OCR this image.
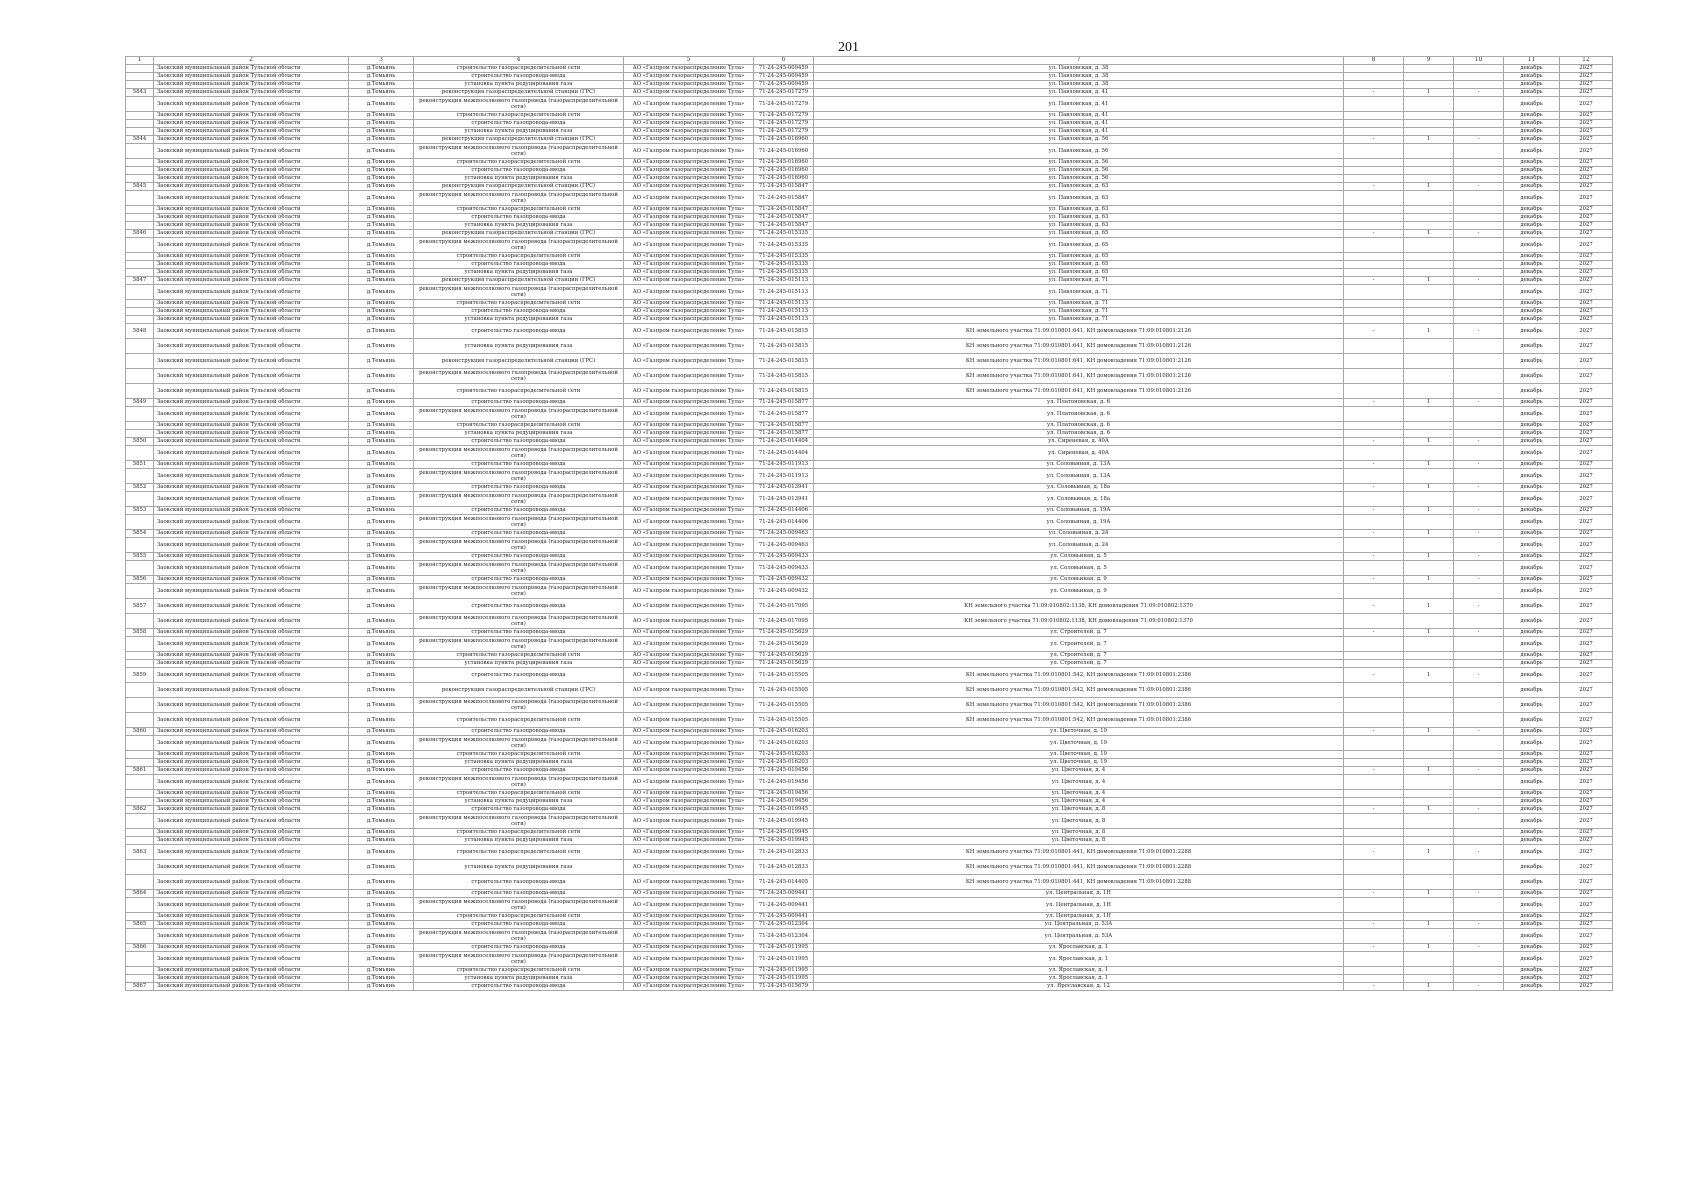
201
1	2	3	4	5	6	7	8	9	10	11	12
	Заокский муниципальный район Тульской области	д.Темьянь	строительство газораспределительной сети	АО «Газпром газораспределение Тула»	71-24-245-009459	ул. Павловская, д. 38				декабрь	2027
	Заокский муниципальный район Тульской области	д.Темьянь	строительство газопровода-ввода	АО «Газпром газораспределение Тула»	71-24-245-009459	ул. Павловская, д. 38				декабрь	2027
	Заокский муниципальный район Тульской области	д.Темьянь	установка пункта редуцирования газа	АО «Газпром газораспределение Тула»	71-24-245-009459	ул. Павловская, д. 38				декабрь	2027
5843	Заокский муниципальный район Тульской области	д.Темьянь	реконструкция газораспределительной станции (ГРС)	АО «Газпром газораспределение Тула»	71-24-245-017279	ул. Павловская, д. 41	-	1	-	декабрь	2027
	Заокский муниципальный район Тульской области	д.Темьянь	реконструкция межпоселкового газопровода (газораспределительной сети)	АО «Газпром газораспределение Тула»	71-24-245-017279	ул. Павловская, д. 41				декабрь	2027
	Заокский муниципальный район Тульской области	д.Темьянь	строительство газораспределительной сети	АО «Газпром газораспределение Тула»	71-24-245-017279	ул. Павловская, д. 41				декабрь	2027
	Заокский муниципальный район Тульской области	д.Темьянь	строительство газопровода-ввода	АО «Газпром газораспределение Тула»	71-24-245-017279	ул. Павловская, д. 41				декабрь	2027
	Заокский муниципальный район Тульской области	д.Темьянь	установка пункта редуцирования газа	АО «Газпром газораспределение Тула»	71-24-245-017279	ул. Павловская, д. 41				декабрь	2027
5844	Заокский муниципальный район Тульской области	д.Темьянь	реконструкция газораспределительной станции (ГРС)	АО «Газпром газораспределение Тула»	71-24-245-016960	ул. Павловская, д. 56	-	1	-	декабрь	2027
	Заокский муниципальный район Тульской области	д.Темьянь	реконструкция межпоселкового газопровода (газораспределительной сети)	АО «Газпром газораспределение Тула»	71-24-245-016960	ул. Павловская, д. 56				декабрь	2027
	Заокский муниципальный район Тульской области	д.Темьянь	строительство газораспределительной сети	АО «Газпром газораспределение Тула»	71-24-245-016960	ул. Павловская, д. 56				декабрь	2027
	Заокский муниципальный район Тульской области	д.Темьянь	строительство газопровода-ввода	АО «Газпром газораспределение Тула»	71-24-245-016960	ул. Павловская, д. 56				декабрь	2027
	Заокский муниципальный район Тульской области	д.Темьянь	установка пункта редуцирования газа	АО «Газпром газораспределение Тула»	71-24-245-016960	ул. Павловская, д. 56				декабрь	2027
5845	Заокский муниципальный район Тульской области	д.Темьянь	реконструкция газораспределительной станции (ГРС)	АО «Газпром газораспределение Тула»	71-24-245-015847	ул. Павловская, д. 63	-	1	-	декабрь	2027
	Заокский муниципальный район Тульской области	д.Темьянь	реконструкция межпоселкового газопровода (газораспределительной сети)	АО «Газпром газораспределение Тула»	71-24-245-015847	ул. Павловская, д. 63				декабрь	2027
	Заокский муниципальный район Тульской области	д.Темьянь	строительство газораспределительной сети	АО «Газпром газораспределение Тула»	71-24-245-015847	ул. Павловская, д. 63				декабрь	2027
	Заокский муниципальный район Тульской области	д.Темьянь	строительство газопровода-ввода	АО «Газпром газораспределение Тула»	71-24-245-015847	ул. Павловская, д. 63				декабрь	2027
	Заокский муниципальный район Тульской области	д.Темьянь	установка пункта редуцирования газа	АО «Газпром газораспределение Тула»	71-24-245-015847	ул. Павловская, д. 63				декабрь	2027
5846	Заокский муниципальный район Тульской области	д.Темьянь	реконструкция газораспределительной станции (ГРС)	АО «Газпром газораспределение Тула»	71-24-245-015335	ул. Павловская, д. 65	-	1	-	декабрь	2027
	Заокский муниципальный район Тульской области	д.Темьянь	реконструкция межпоселкового газопровода (газораспределительной сети)	АО «Газпром газораспределение Тула»	71-24-245-015335	ул. Павловская, д. 65				декабрь	2027
	Заокский муниципальный район Тульской области	д.Темьянь	строительство газораспределительной сети	АО «Газпром газораспределение Тула»	71-24-245-015335	ул. Павловская, д. 65				декабрь	2027
	Заокский муниципальный район Тульской области	д.Темьянь	строительство газопровода-ввода	АО «Газпром газораспределение Тула»	71-24-245-015335	ул. Павловская, д. 65				декабрь	2027
	Заокский муниципальный район Тульской области	д.Темьянь	установка пункта редуцирования газа	АО «Газпром газораспределение Тула»	71-24-245-015335	ул. Павловская, д. 65				декабрь	2027
5847	Заокский муниципальный район Тульской области	д.Темьянь	реконструкция газораспределительной станции (ГРС)	АО «Газпром газораспределение Тула»	71-24-245-015113	ул. Павловская, д. 71	-	1	-	декабрь	2027
	Заокский муниципальный район Тульской области	д.Темьянь	реконструкция межпоселкового газопровода (газораспределительной сети)	АО «Газпром газораспределение Тула»	71-24-245-015113	ул. Павловская, д. 71				декабрь	2027
	Заокский муниципальный район Тульской области	д.Темьянь	строительство газораспределительной сети	АО «Газпром газораспределение Тула»	71-24-245-015113	ул. Павловская, д. 71				декабрь	2027
	Заокский муниципальный район Тульской области	д.Темьянь	строительство газопровода-ввода	АО «Газпром газораспределение Тула»	71-24-245-015113	ул. Павловская, д. 71				декабрь	2027
	Заокский муниципальный район Тульской области	д.Темьянь	установка пункта редуцирования газа	АО «Газпром газораспределение Тула»	71-24-245-015113	ул. Павловская, д. 71				декабрь	2027
5848	Заокский муниципальный район Тульской области	д.Темьянь	строительство газопровода-ввода	АО «Газпром газораспределение Тула»	71-24-245-015815	КН земельного участка 71:09:010801:641, КН домовладения 71:09:010801:2126	-	1	-	декабрь	2027
	Заокский муниципальный район Тульской области	д.Темьянь	установка пункта редуцирования газа	АО «Газпром газораспределение Тула»	71-24-245-015815	КН земельного участка 71:09:010801:641, КН домовладения 71:09:010801:2126				декабрь	2027
	Заокский муниципальный район Тульской области	д.Темьянь	реконструкция газораспределительной станции (ГРС)	АО «Газпром газораспределение Тула»	71-24-245-015815	КН земельного участка 71:09:010801:641, КН домовладения 71:09:010801:2126				декабрь	2027
	Заокский муниципальный район Тульской области	д.Темьянь	реконструкция межпоселкового газопровода (газораспределительной сети)	АО «Газпром газораспределение Тула»	71-24-245-015815	КН земельного участка 71:09:010801:641, КН домовладения 71:09:010801:2126				декабрь	2027
	Заокский муниципальный район Тульской области	д.Темьянь	строительство газораспределительной сети	АО «Газпром газораспределение Тула»	71-24-245-015815	КН земельного участка 71:09:010801:641, КН домовладения 71:09:010801:2126				декабрь	2027
5849	Заокский муниципальный район Тульской области	д.Темьянь	строительство газопровода-ввода	АО «Газпром газораспределение Тула»	71-24-245-015877	ул. Платоновская, д. 6	-	1	-	декабрь	2027
	Заокский муниципальный район Тульской области	д.Темьянь	реконструкция межпоселкового газопровода (газораспределительной сети)	АО «Газпром газораспределение Тула»	71-24-245-015877	ул. Платоновская, д. 6				декабрь	2027
	Заокский муниципальный район Тульской области	д.Темьянь	строительство газораспределительной сети	АО «Газпром газораспределение Тула»	71-24-245-015877	ул. Платоновская, д. 6				декабрь	2027
	Заокский муниципальный район Тульской области	д.Темьянь	установка пункта редуцирования газа	АО «Газпром газораспределение Тула»	71-24-245-015877	ул. Платоновская, д. 6				декабрь	2027
5850	Заокский муниципальный район Тульской области	д.Темьянь	строительство газопровода-ввода	АО «Газпром газораспределение Тула»	71-24-245-014404	ул. Сиреневая, д. 40А	-	1	-	декабрь	2027
	Заокский муниципальный район Тульской области	д.Темьянь	реконструкция межпоселкового газопровода (газораспределительной сети)	АО «Газпром газораспределение Тула»	71-24-245-014404	ул. Сиреневая, д. 40А				декабрь	2027
5851	Заокский муниципальный район Тульской области	д.Темьянь	строительство газопровода-ввода	АО «Газпром газораспределение Тула»	71-24-245-011913	ул. Соловьиная, д. 13А	-	1	-	декабрь	2027
	Заокский муниципальный район Тульской области	д.Темьянь	реконструкция межпоселкового газопровода (газораспределительной сети)	АО «Газпром газораспределение Тула»	71-24-245-011913	ул. Соловьиная, д. 13А				декабрь	2027
5852	Заокский муниципальный район Тульской области	д.Темьянь	строительство газопровода-ввода	АО «Газпром газораспределение Тула»	71-24-245-013941	ул. Соловьиная, д. 18а	-	1	-	декабрь	2027
	Заокский муниципальный район Тульской области	д.Темьянь	реконструкция межпоселкового газопровода (газораспределительной сети)	АО «Газпром газораспределение Тула»	71-24-245-013941	ул. Соловьиная, д. 18а				декабрь	2027
5853	Заокский муниципальный район Тульской области	д.Темьянь	строительство газопровода-ввода	АО «Газпром газораспределение Тула»	71-24-245-014406	ул. Соловьиная, д. 19А	-	1	-	декабрь	2027
	Заокский муниципальный район Тульской области	д.Темьянь	реконструкция межпоселкового газопровода (газораспределительной сети)	АО «Газпром газораспределение Тула»	71-24-245-014406	ул. Соловьиная, д. 19А				декабрь	2027
5854	Заокский муниципальный район Тульской области	д.Темьянь	строительство газопровода-ввода	АО «Газпром газораспределение Тула»	71-24-245-009463	ул. Соловьиная, д. 24	-	1	-	декабрь	2027
	Заокский муниципальный район Тульской области	д.Темьянь	реконструкция межпоселкового газопровода (газораспределительной сети)	АО «Газпром газораспределение Тула»	71-24-245-009463	ул. Соловьиная, д. 24				декабрь	2027
5855	Заокский муниципальный район Тульской области	д.Темьянь	строительство газопровода-ввода	АО «Газпром газораспределение Тула»	71-24-245-009433	ул. Соловьиная, д. 5	-	1	-	декабрь	2027
	Заокский муниципальный район Тульской области	д.Темьянь	реконструкция межпоселкового газопровода (газораспределительной сети)	АО «Газпром газораспределение Тула»	71-24-245-009433	ул. Соловьиная, д. 5				декабрь	2027
5856	Заокский муниципальный район Тульской области	д.Темьянь	строительство газопровода-ввода	АО «Газпром газораспределение Тула»	71-24-245-009432	ул. Соловьиная, д. 9	-	1	-	декабрь	2027
	Заокский муниципальный район Тульской области	д.Темьянь	реконструкция межпоселкового газопровода (газораспределительной сети)	АО «Газпром газораспределение Тула»	71-24-245-009432	ул. Соловьиная, д. 9				декабрь	2027
5857	Заокский муниципальный район Тульской области	д.Темьянь	строительство газопровода-ввода	АО «Газпром газораспределение Тула»	71-24-245-017095	КН земельного участка 71:09:010802:1138, КН домовладения 71:09:010802:1370	-	1	-	декабрь	2027
	Заокский муниципальный район Тульской области	д.Темьянь	реконструкция межпоселкового газопровода (газораспределительной сети)	АО «Газпром газораспределение Тула»	71-24-245-017095	КН земельного участка 71:09:010802:1138, КН домовладения 71:09:010802:1370				декабрь	2027
5858	Заокский муниципальный район Тульской области	д.Темьянь	строительство газопровода-ввода	АО «Газпром газораспределение Тула»	71-24-245-015629	ул. Строителей, д. 7	-	1	-	декабрь	2027
	Заокский муниципальный район Тульской области	д.Темьянь	реконструкция межпоселкового газопровода (газораспределительной сети)	АО «Газпром газораспределение Тула»	71-24-245-015629	ул. Строителей, д. 7				декабрь	2027
	Заокский муниципальный район Тульской области	д.Темьянь	строительство газораспределительной сети	АО «Газпром газораспределение Тула»	71-24-245-015629	ул. Строителей, д. 7				декабрь	2027
	Заокский муниципальный район Тульской области	д.Темьянь	установка пункта редуцирования газа	АО «Газпром газораспределение Тула»	71-24-245-015629	ул. Строителей, д. 7				декабрь	2027
5859	Заокский муниципальный район Тульской области	д.Темьянь	строительство газопровода-ввода	АО «Газпром газораспределение Тула»	71-24-245-015505	КН земельного участка 71:09:010801:542, КН домовладения 71:09:010801:2386	-	1	-	декабрь	2027
	Заокский муниципальный район Тульской области	д.Темьянь	реконструкция газораспределительной станции (ГРС)	АО «Газпром газораспределение Тула»	71-24-245-015505	КН земельного участка 71:09:010801:542, КН домовладения 71:09:010801:2386				декабрь	2027
	Заокский муниципальный район Тульской области	д.Темьянь	реконструкция межпоселкового газопровода (газораспределительной сети)	АО «Газпром газораспределение Тула»	71-24-245-015505	КН земельного участка 71:09:010801:542, КН домовладения 71:09:010801:2386				декабрь	2027
	Заокский муниципальный район Тульской области	д.Темьянь	строительство газораспределительной сети	АО «Газпром газораспределение Тула»	71-24-245-015505	КН земельного участка 71:09:010801:542, КН домовладения 71:09:010801:2386				декабрь	2027
5860	Заокский муниципальный район Тульской области	д.Темьянь	строительство газопровода-ввода	АО «Газпром газораспределение Тула»	71-24-245-016203	ул. Цветочная, д. 19	-	1	-	декабрь	2027
	Заокский муниципальный район Тульской области	д.Темьянь	реконструкция межпоселкового газопровода (газораспределительной сети)	АО «Газпром газораспределение Тула»	71-24-245-016203	ул. Цветочная, д. 19				декабрь	2027
	Заокский муниципальный район Тульской области	д.Темьянь	строительство газораспределительной сети	АО «Газпром газораспределение Тула»	71-24-245-016203	ул. Цветочная, д. 19				декабрь	2027
	Заокский муниципальный район Тульской области	д.Темьянь	установка пункта редуцирования газа	АО «Газпром газораспределение Тула»	71-24-245-016203	ул. Цветочная, д. 19				декабрь	2027
5861	Заокский муниципальный район Тульской области	д.Темьянь	строительство газопровода-ввода	АО «Газпром газораспределение Тула»	71-24-245-019456	ул. Цветочная, д. 4	-	1	-	декабрь	2027
	Заокский муниципальный район Тульской области	д.Темьянь	реконструкция межпоселкового газопровода (газораспределительной сети)	АО «Газпром газораспределение Тула»	71-24-245-019456	ул. Цветочная, д. 4				декабрь	2027
	Заокский муниципальный район Тульской области	д.Темьянь	строительство газораспределительной сети	АО «Газпром газораспределение Тула»	71-24-245-019456	ул. Цветочная, д. 4				декабрь	2027
	Заокский муниципальный район Тульской области	д.Темьянь	установка пункта редуцирования газа	АО «Газпром газораспределение Тула»	71-24-245-019456	ул. Цветочная, д. 4				декабрь	2027
5862	Заокский муниципальный район Тульской области	д.Темьянь	строительство газопровода-ввода	АО «Газпром газораспределение Тула»	71-24-245-019945	ул. Цветочная, д. 8	-	1	-	декабрь	2027
	Заокский муниципальный район Тульской области	д.Темьянь	реконструкция межпоселкового газопровода (газораспределительной сети)	АО «Газпром газораспределение Тула»	71-24-245-019945	ул. Цветочная, д. 8				декабрь	2027
	Заокский муниципальный район Тульской области	д.Темьянь	строительство газораспределительной сети	АО «Газпром газораспределение Тула»	71-24-245-019945	ул. Цветочная, д. 8				декабрь	2027
	Заокский муниципальный район Тульской области	д.Темьянь	установка пункта редуцирования газа	АО «Газпром газораспределение Тула»	71-24-245-019945	ул. Цветочная, д. 8				декабрь	2027
5863	Заокский муниципальный район Тульской области	д.Темьянь	строительство газораспределительной сети	АО «Газпром газораспределение Тула»	71-24-245-012833	КН земельного участка 71:09:010801:441, КН домовладения 71:09:010801:2288	-	1	-	декабрь	2027
	Заокский муниципальный район Тульской области	д.Темьянь	установка пункта редуцирования газа	АО «Газпром газораспределение Тула»	71-24-245-012833	КН земельного участка 71:09:010801:441, КН домовладения 71:09:010801:2288				декабрь	2027
	Заокский муниципальный район Тульской области	д.Темьянь	строительство газопровода-ввода	АО «Газпром газораспределение Тула»	71-24-245-014405	КН земельного участка 71:09:010801:441, КН домовладения 71:09:010801:2288				декабрь	2027
5864	Заокский муниципальный район Тульской области	д.Темьянь	строительство газопровода-ввода	АО «Газпром газораспределение Тула»	71-24-245-009441	ул. Центральная, д. 1Н	-	1	-	декабрь	2027
	Заокский муниципальный район Тульской области	д.Темьянь	реконструкция межпоселкового газопровода (газораспределительной сети)	АО «Газпром газораспределение Тула»	71-24-245-009441	ул. Центральная, д. 1Н				декабрь	2027
	Заокский муниципальный район Тульской области	д.Темьянь	строительство газораспределительной сети	АО «Газпром газораспределение Тула»	71-24-245-009441	ул. Центральная, д. 1Н				декабрь	2027
5865	Заокский муниципальный район Тульской области	д.Темьянь	строительство газопровода-ввода	АО «Газпром газораспределение Тула»	71-24-245-012304	ул. Центральная, д. 53А	-	1	-	декабрь	2027
	Заокский муниципальный район Тульской области	д.Темьянь	реконструкция межпоселкового газопровода (газораспределительной сети)	АО «Газпром газораспределение Тула»	71-24-245-012304	ул. Центральная, д. 53А				декабрь	2027
5866	Заокский муниципальный район Тульской области	д.Темьянь	строительство газопровода-ввода	АО «Газпром газораспределение Тула»	71-24-245-011995	ул. Ярославская, д. 1	-	1	-	декабрь	2027
	Заокский муниципальный район Тульской области	д.Темьянь	реконструкция межпоселкового газопровода (газораспределительной сети)	АО «Газпром газораспределение Тула»	71-24-245-011995	ул. Ярославская, д. 1				декабрь	2027
	Заокский муниципальный район Тульской области	д.Темьянь	строительство газораспределительной сети	АО «Газпром газораспределение Тула»	71-24-245-011995	ул. Ярославская, д. 1				декабрь	2027
	Заокский муниципальный район Тульской области	д.Темьянь	установка пункта редуцирования газа	АО «Газпром газораспределение Тула»	71-24-245-011995	ул. Ярославская, д. 1				декабрь	2027
5867	Заокский муниципальный район Тульской области	д.Темьянь	строительство газопровода-ввода	АО «Газпром газораспределение Тула»	71-24-245-015679	ул. Ярославская, д. 12	-	1	-	декабрь	2027
